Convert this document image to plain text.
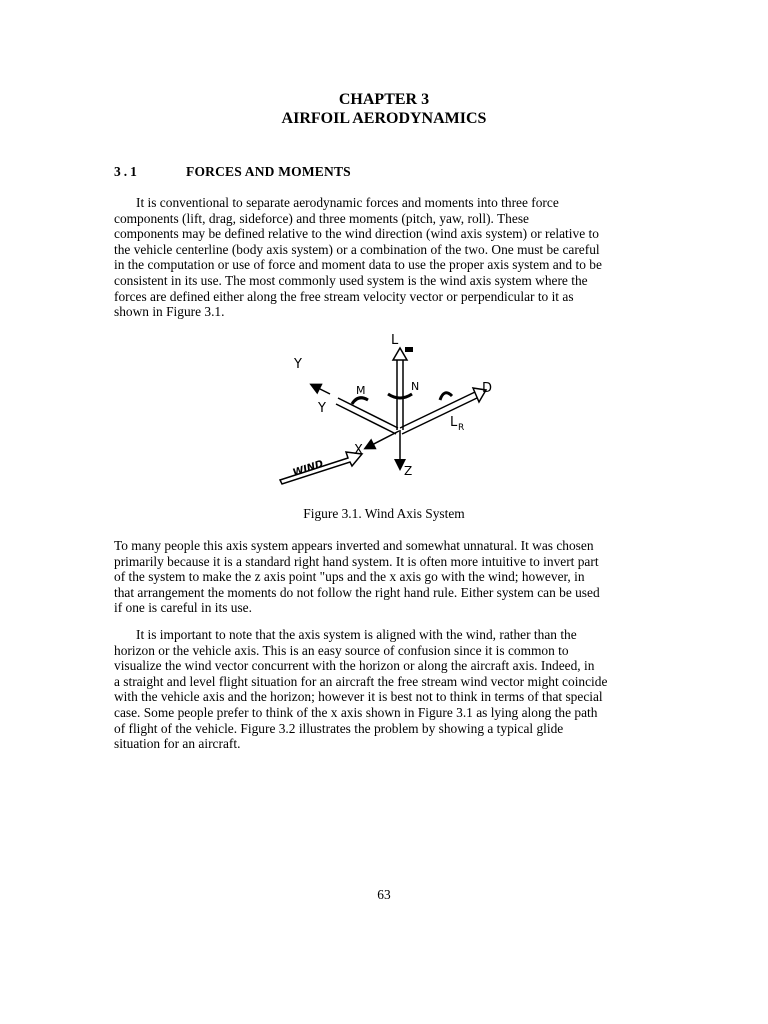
CHAPTER 3
AIRFOIL AERODYNAMICS
3.1	FORCES AND MOMENTS

It is conventional to separate aerodynamic forces and moments into three force
components (lift, drag, sideforce) and three moments (pitch, yaw, roll). These
components may be defined relative to the wind direction (wind axis system) or relative to
the vehicle centerline (body axis system) or a combination of the two. One must be careful
in the computation or use of force and moment data to use the proper axis system and to be
consistent in its use. The most commonly used system is the wind axis system where the
forces are defined either along the free stream velocity vector or perpendicular to it as
shown in Figure 3.1.

L
Y
Y
M	N	D
L R
X
Z
WIND
Figure 3.1. Wind Axis System

To many people this axis system appears inverted and somewhat unnatural. It was chosen
primarily because it is a standard right hand system. It is often more intuitive to invert part
of the system to make the z axis point "ups and the x axis go with the wind; however, in
that arrangement the moments do not follow the right hand rule. Either system can be used
if one is careful in its use.

It is important to note that the axis system is aligned with the wind, rather than the
horizon or the vehicle axis. This is an easy source of confusion since it is common to
visualize the wind vector concurrent with the horizon or along the aircraft axis. Indeed, in
a straight and level flight situation for an aircraft the free stream wind vector might coincide
with the vehicle axis and the horizon; however it is best not to think in terms of that special
case. Some people prefer to think of the x axis shown in Figure 3.1 as lying along the path
of flight of the vehicle. Figure 3.2 illustrates the problem by showing a typical glide
situation for an aircraft.

63
